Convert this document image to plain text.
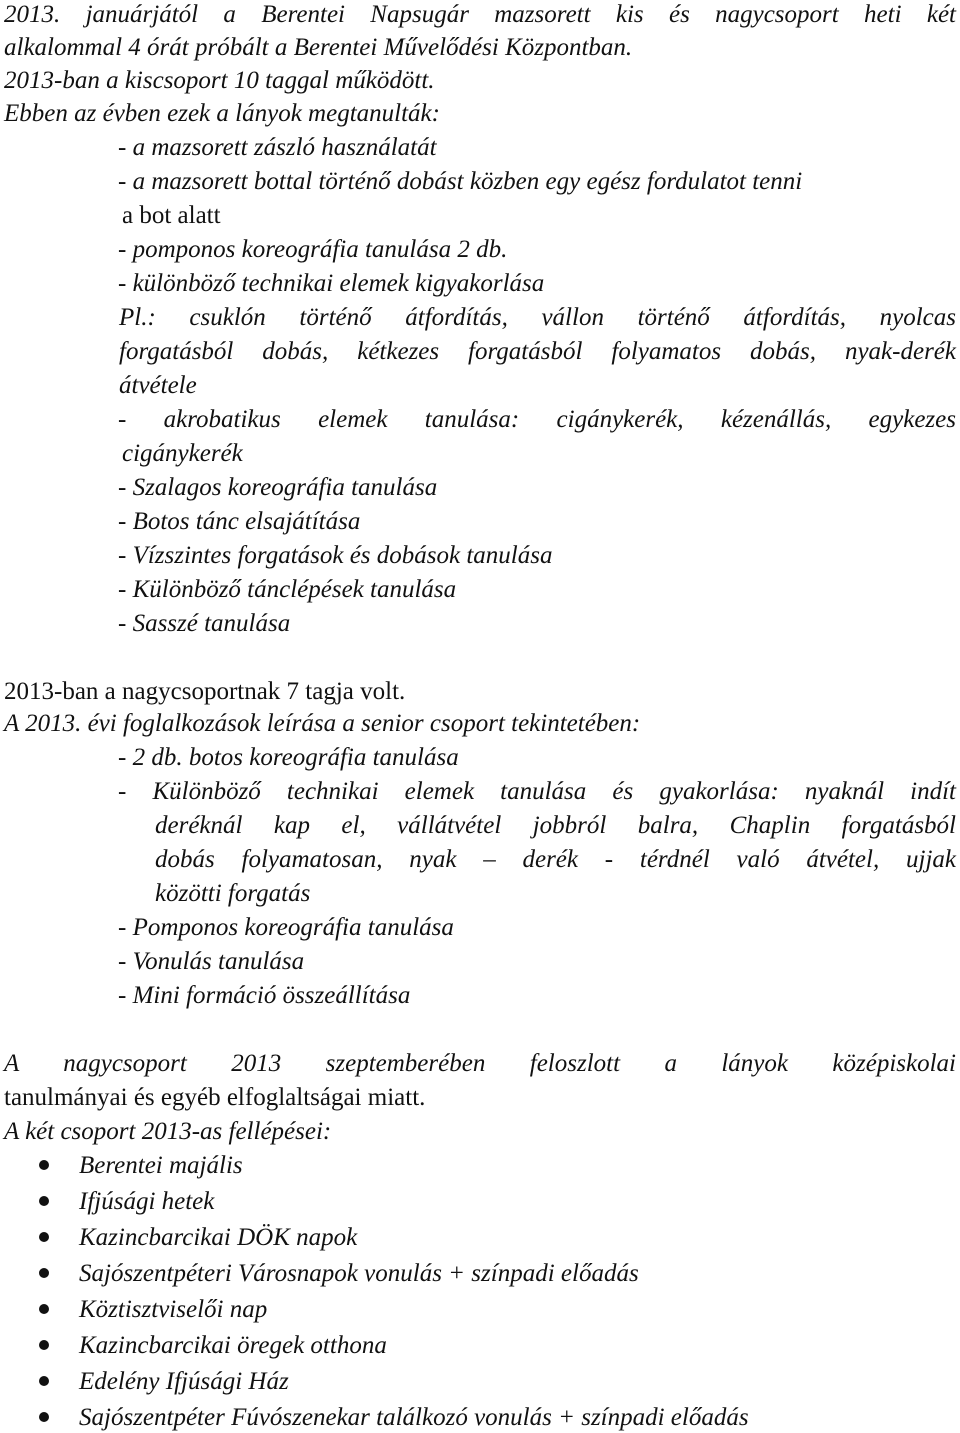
2013. januárjától a Berentei Napsugár mazsorett kis és nagycsoport heti két
alkalommal 4 órát próbált a Berentei Művelődési Központban.
2013-ban a kiscsoport 10 taggal működött.
Ebben az évben ezek a lányok megtanulták:
- a mazsorett zászló használatát
- a mazsorett bottal történő dobást közben egy egész fordulatot tenni
a bot alatt
- pomponos koreográfia tanulása 2 db.
- különböző technikai elemek kigyakorlása
Pl.: csuklón történő átfordítás, vállon történő átfordítás, nyolcas
forgatásból dobás, kétkezes forgatásból folyamatos dobás, nyak-derék
átvétele
- akrobatikus elemek tanulása: cigánykerék, kézenállás, egykezes
cigánykerék
- Szalagos koreográfia tanulása
- Botos tánc elsajátítása
- Vízszintes forgatások és dobások tanulása
- Különböző tánclépések tanulása
- Sasszé tanulása
2013-ban a nagycsoportnak 7 tagja volt.
A 2013. évi foglalkozások leírása a senior csoport tekintetében:
- 2 db. botos koreográfia tanulása
- Különböző technikai elemek tanulása és gyakorlása: nyaknál indít
deréknál kap el, vállátvétel jobbról balra, Chaplin forgatásból
dobás folyamatosan, nyak – derék - térdnél való átvétel, ujjak
közötti forgatás
- Pomponos koreográfia tanulása
- Vonulás tanulása
- Mini formáció összeállítása
A nagycsoport 2013 szeptemberében feloszlott a lányok középiskolai
tanulmányai és egyéb elfoglaltságai miatt.
A két csoport 2013-as fellépései:
Berentei majális
Ifjúsági hetek
Kazincbarcikai DÖK napok
Sajószentpéteri Városnapok vonulás + színpadi előadás
Köztisztviselői nap
Kazincbarcikai öregek otthona
Edelény Ifjúsági Ház
Sajószentpéter Fúvószenekar találkozó vonulás + színpadi előadás
